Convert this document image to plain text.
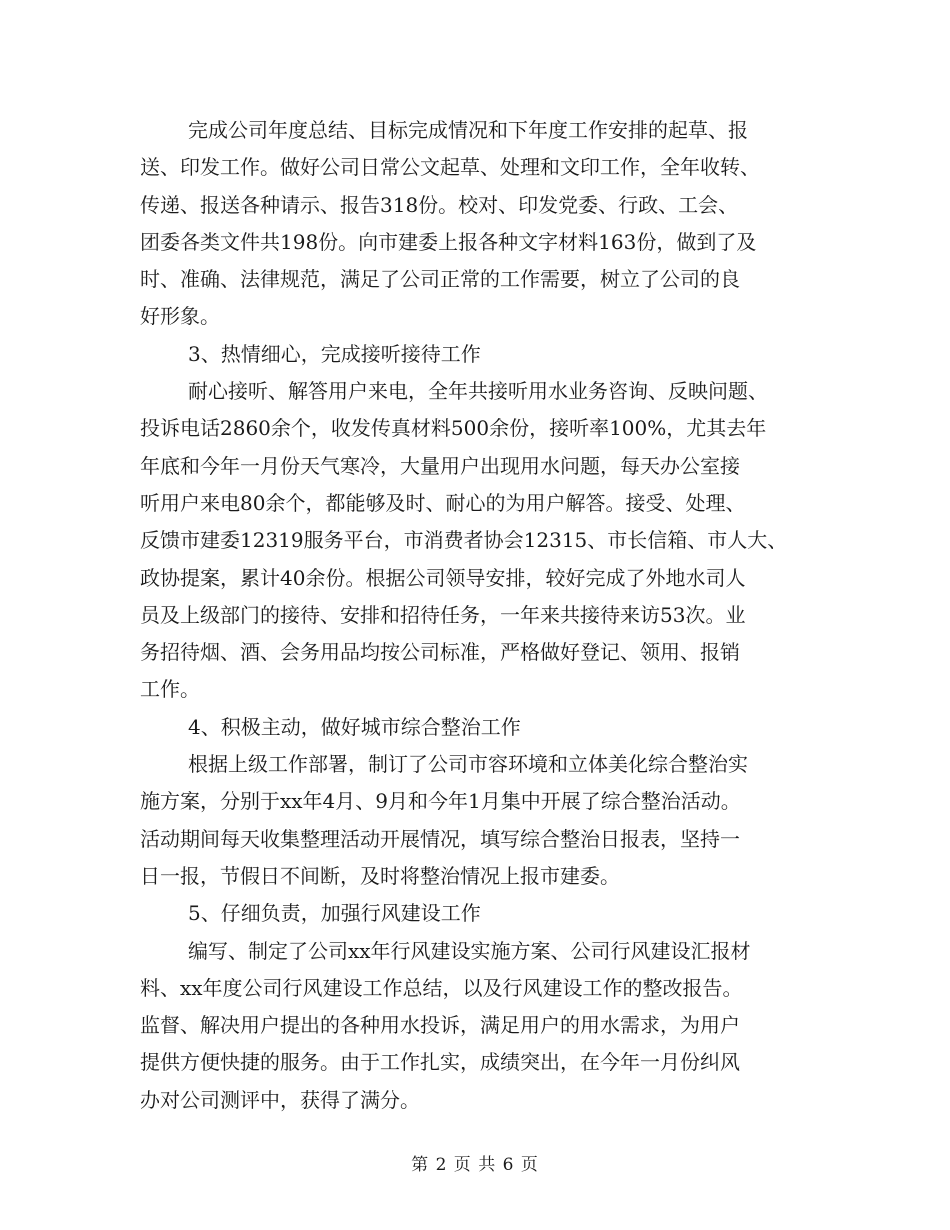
完成公司年度总结、目标完成情况和下年度工作安排的起草、报
送、印发工作。做好公司日常公文起草、处理和文印工作，全年收转、
传递、报送各种请示、报告318份。校对、印发党委、行政、工会、
团委各类文件共198份。向市建委上报各种文字材料163份，做到了及
时、准确、法律规范，满足了公司正常的工作需要，树立了公司的良
好形象。
3、热情细心，完成接听接待工作
耐心接听、解答用户来电，全年共接听用水业务咨询、反映问题、
投诉电话2860余个，收发传真材料500余份，接听率100%，尤其去年
年底和今年一月份天气寒冷，大量用户出现用水问题，每天办公室接
听用户来电80余个，都能够及时、耐心的为用户解答。接受、处理、
反馈市建委12319服务平台，市消费者协会12315、市长信箱、市人大、
政协提案，累计40余份。根据公司领导安排，较好完成了外地水司人
员及上级部门的接待、安排和招待任务，一年来共接待来访53次。业
务招待烟、酒、会务用品均按公司标准，严格做好登记、领用、报销
工作。
4、积极主动，做好城市综合整治工作
根据上级工作部署，制订了公司市容环境和立体美化综合整治实
施方案，分别于xx年4月、9月和今年1月集中开展了综合整治活动。
活动期间每天收集整理活动开展情况，填写综合整治日报表，坚持一
日一报，节假日不间断，及时将整治情况上报市建委。
5、仔细负责，加强行风建设工作
编写、制定了公司xx年行风建设实施方案、公司行风建设汇报材
料、xx年度公司行风建设工作总结，以及行风建设工作的整改报告。
监督、解决用户提出的各种用水投诉，满足用户的用水需求，为用户
提供方便快捷的服务。由于工作扎实，成绩突出，在今年一月份纠风
办对公司测评中，获得了满分。
第 2 页 共 6 页
